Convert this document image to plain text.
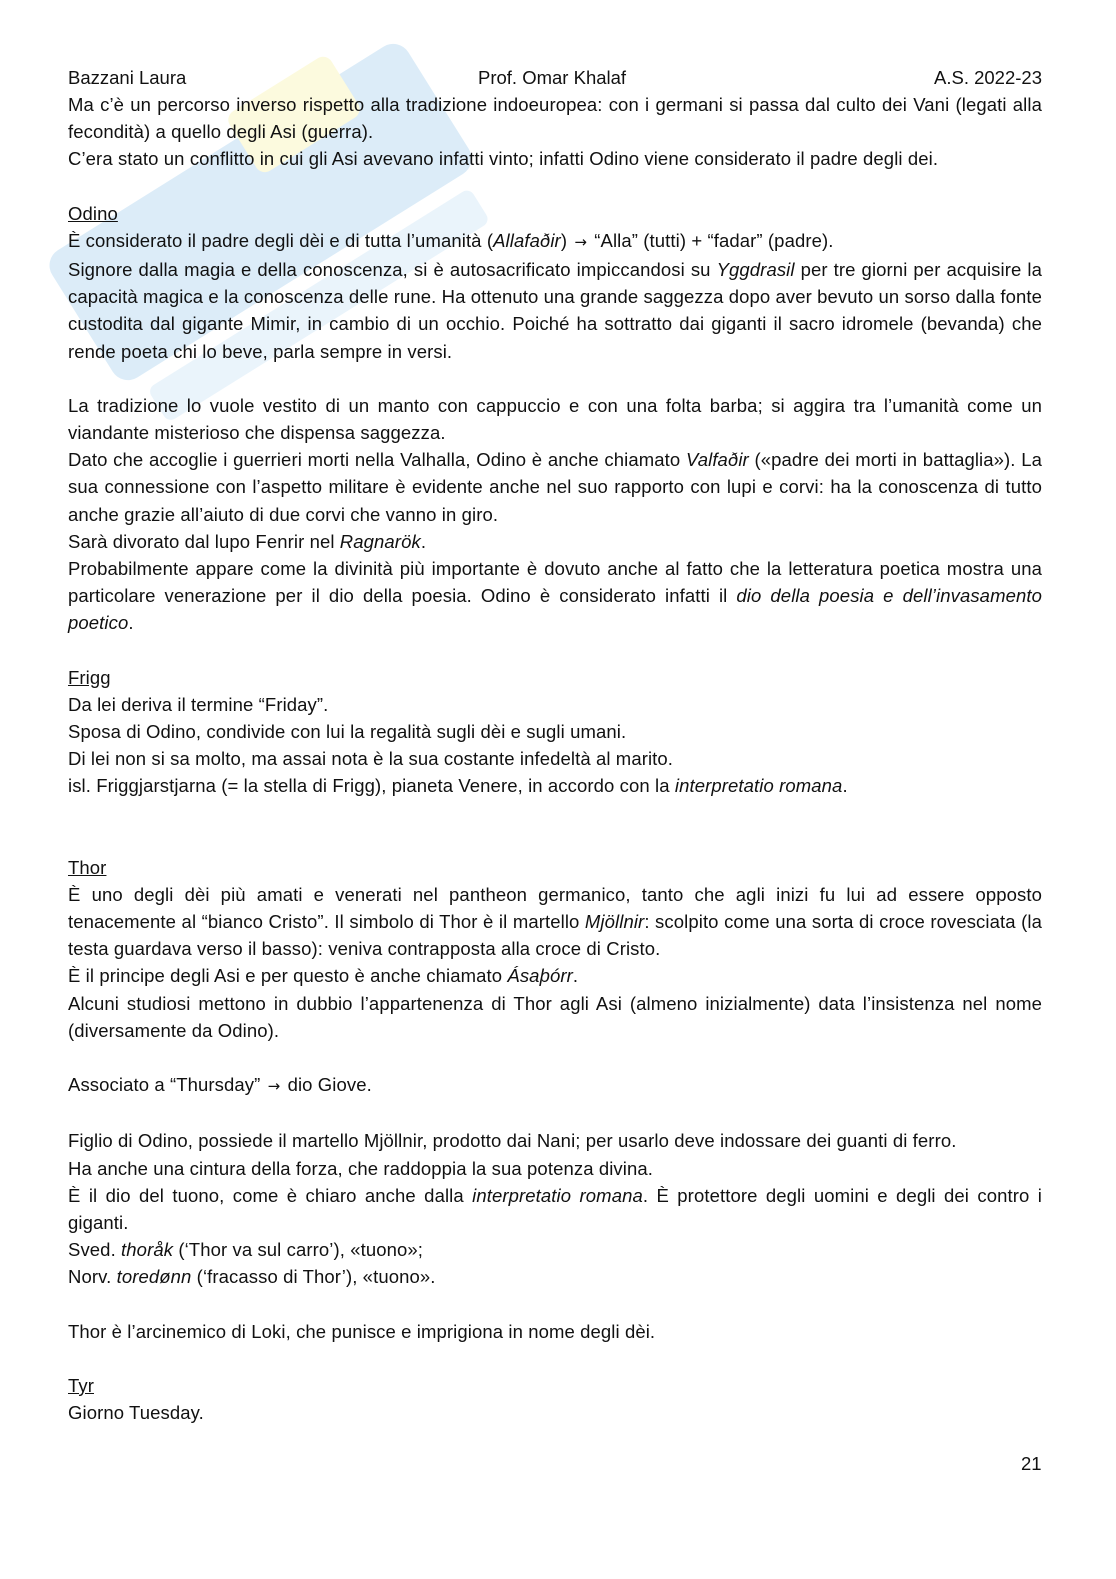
Bazzani Laura	Prof. Omar Khalaf	A.S. 2022-23

Ma c’è un percorso inverso rispetto alla tradizione indoeuropea: con i germani si passa dal culto dei Vani (legati alla fecondità) a quello degli Asi (guerra).

C’era stato un conflitto in cui gli Asi avevano infatti vinto; infatti Odino viene considerato il padre degli dei.

Odino

È considerato il padre degli dèi e di tutta l’umanità (Allafaðir) → “Alla” (tutti) + “fadar” (padre).

Signore dalla magia e della conoscenza, si è autosacrificato impiccandosi su Yggdrasil per tre giorni per acquisire la capacità magica e la conoscenza delle rune. Ha ottenuto una grande saggezza dopo aver bevuto un sorso dalla fonte custodita dal gigante Mimir, in cambio di un occhio. Poiché ha sottratto dai giganti il sacro idromele (bevanda) che rende poeta chi lo beve, parla sempre in versi.

La tradizione lo vuole vestito di un manto con cappuccio e con una folta barba; si aggira tra l’umanità come un viandante misterioso che dispensa saggezza.

Dato che accoglie i guerrieri morti nella Valhalla, Odino è anche chiamato Valfaðir («padre dei morti in battaglia»). La sua connessione con l’aspetto militare è evidente anche nel suo rapporto con lupi e corvi: ha la conoscenza di tutto anche grazie all’aiuto di due corvi che vanno in giro.

Sarà divorato dal lupo Fenrir nel Ragnarök.

Probabilmente appare come la divinità più importante è dovuto anche al fatto che la letteratura poetica mostra una particolare venerazione per il dio della poesia. Odino è considerato infatti il dio della poesia e dell’invasamento poetico.

Frigg

Da lei deriva il termine “Friday”.

Sposa di Odino, condivide con lui la regalità sugli dèi e sugli umani.

Di lei non si sa molto, ma assai nota è la sua costante infedeltà al marito.

isl. Friggjarstjarna (= la stella di Frigg), pianeta Venere, in accordo con la interpretatio romana.

Thor

È uno degli dèi più amati e venerati nel pantheon germanico, tanto che agli inizi fu lui ad essere opposto tenacemente al “bianco Cristo”. Il simbolo di Thor è il martello Mjöllnir: scolpito come una sorta di croce rovesciata (la testa guardava verso il basso): veniva contrapposta alla croce di Cristo.

È il principe degli Asi e per questo è anche chiamato Ásaþórr.

Alcuni studiosi mettono in dubbio l’appartenenza di Thor agli Asi (almeno inizialmente) data l’insistenza nel nome (diversamente da Odino).

Associato a “Thursday” → dio Giove.

Figlio di Odino, possiede il martello Mjöllnir, prodotto dai Nani; per usarlo deve indossare dei guanti di ferro.

Ha anche una cintura della forza, che raddoppia la sua potenza divina.

È il dio del tuono, come è chiaro anche dalla interpretatio romana. È protettore degli uomini e degli dei contro i giganti.

Sved. thoråk (‘Thor va sul carro’), «tuono»;

Norv. toredønn (‘fracasso di Thor’), «tuono».

Thor è l’arcinemico di Loki, che punisce e imprigiona in nome degli dèi.

Tyr

Giorno Tuesday.

21
